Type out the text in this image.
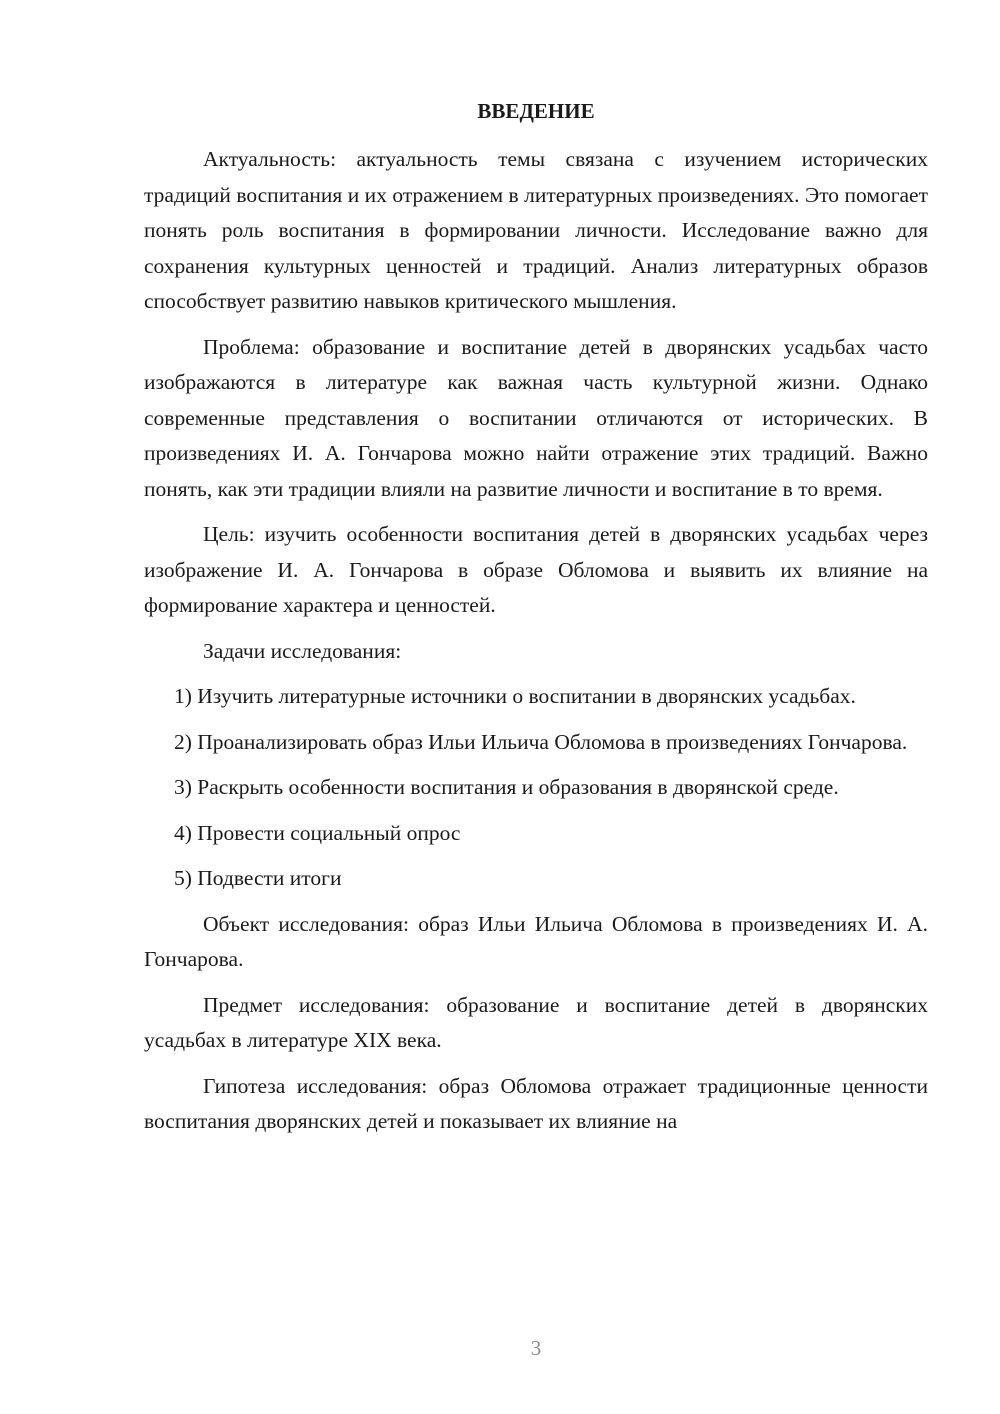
ВВЕДЕНИЕ

Актуальность: актуальность темы связана с изучением исторических традиций воспитания и их отражением в литературных произведениях. Это помогает понять роль воспитания в формировании личности. Исследование важно для сохранения культурных ценностей и традиций. Анализ литературных образов способствует развитию навыков критического мышления.

Проблема: образование и воспитание детей в дворянских усадьбах часто изображаются в литературе как важная часть культурной жизни. Однако современные представления о воспитании отличаются от исторических. В произведениях И. А. Гончарова можно найти отражение этих традиций. Важно понять, как эти традиции влияли на развитие личности и воспитание в то время.

Цель: изучить особенности воспитания детей в дворянских усадьбах через изображение И. А. Гончарова в образе Обломова и выявить их влияние на формирование характера и ценностей.

Задачи исследования:

1) Изучить литературные источники о воспитании в дворянских усадьбах.

2) Проанализировать образ Ильи Ильича Обломова в произведениях Гончарова.

3) Раскрыть особенности воспитания и образования в дворянской среде.

4) Провести социальный опрос

5) Подвести итоги

Объект исследования: образ Ильи Ильича Обломова в произведениях И. А. Гончарова.

Предмет исследования: образование и воспитание детей в дворянских усадьбах в литературе XIX века.

Гипотеза исследования: образ Обломова отражает традиционные ценности воспитания дворянских детей и показывает их влияние на

3
